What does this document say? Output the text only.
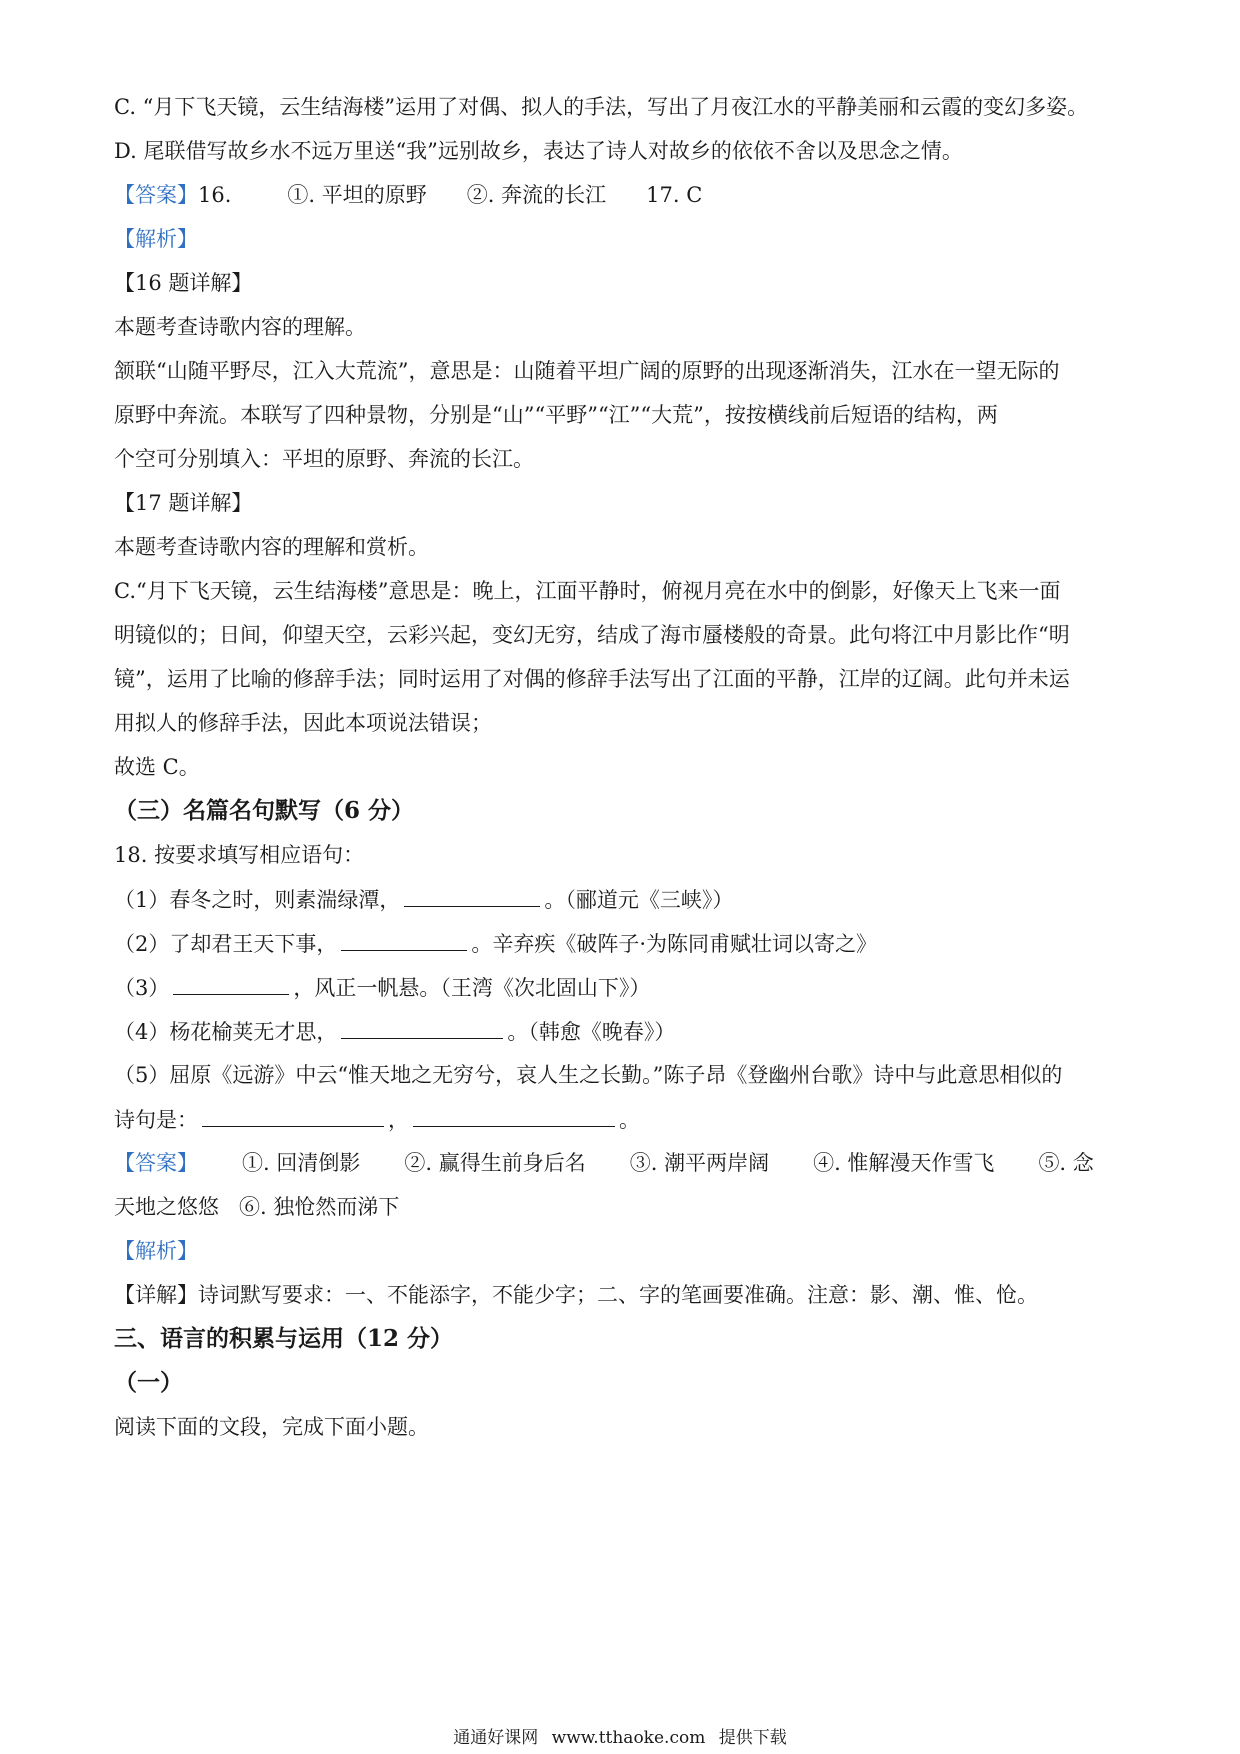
C. “月下飞天镜，云生结海楼”运用了对偶、拟人的手法，写出了月夜江水的平静美丽和云霞的变幻多姿。
D. 尾联借写故乡水不远万里送“我”远别故乡，表达了诗人对故乡的依依不舍以及思念之情。
【答案】16.	①. 平坦的原野 ②. 奔流的长江 17. C
【解析】
【16 题详解】
本题考查诗歌内容的理解。
颔联“山随平野尽，江入大荒流”，意思是：山随着平坦广阔的原野的出现逐渐消失，江水在一望无际的
原野中奔流。本联写了四种景物，分别是“山”“平野”“江”“大荒”，按按横线前后短语的结构，两
个空可分别填入：平坦的原野、奔流的长江。
【17 题详解】
本题考查诗歌内容的理解和赏析。
C.“月下飞天镜，云生结海楼”意思是：晚上，江面平静时，俯视月亮在水中的倒影，好像天上飞来一面
明镜似的；日间，仰望天空，云彩兴起，变幻无穷，结成了海市蜃楼般的奇景。此句将江中月影比作“明
镜”，运用了比喻的修辞手法；同时运用了对偶的修辞手法写出了江面的平静，江岸的辽阔。此句并未运
用拟人的修辞手法，因此本项说法错误；
故选 C。
（三）名篇名句默写（6 分）
18. 按要求填写相应语句：
（1）春冬之时，则素湍绿潭，	。（郦道元《三峡》）
（2）了却君王天下事，	。辛弃疾《破阵子·为陈同甫赋壮词以寄之》
（3）	，风正一帆悬。（王湾《次北固山下》）
（4）杨花榆荚无才思，	。（韩愈《晚春》）
（5）屈原《远游》中云“惟天地之无穷兮，哀人生之长勤。”陈子昂《登幽州台歌》诗中与此意思相似的
诗句是：	，	。
【答案】 ①. 回清倒影 ②. 赢得生前身后名 ③. 潮平两岸阔 ④. 惟解漫天作雪飞 ⑤. 念
天地之悠悠 ⑥. 独怆然而涕下
【解析】
【详解】诗词默写要求：一、不能添字，不能少字；二、字的笔画要准确。注意：影、潮、惟、怆。
三、语言的积累与运用（12 分）
（一）
阅读下面的文段，完成下面小题。
通通好课网 www.tthaoke.com 提供下载
